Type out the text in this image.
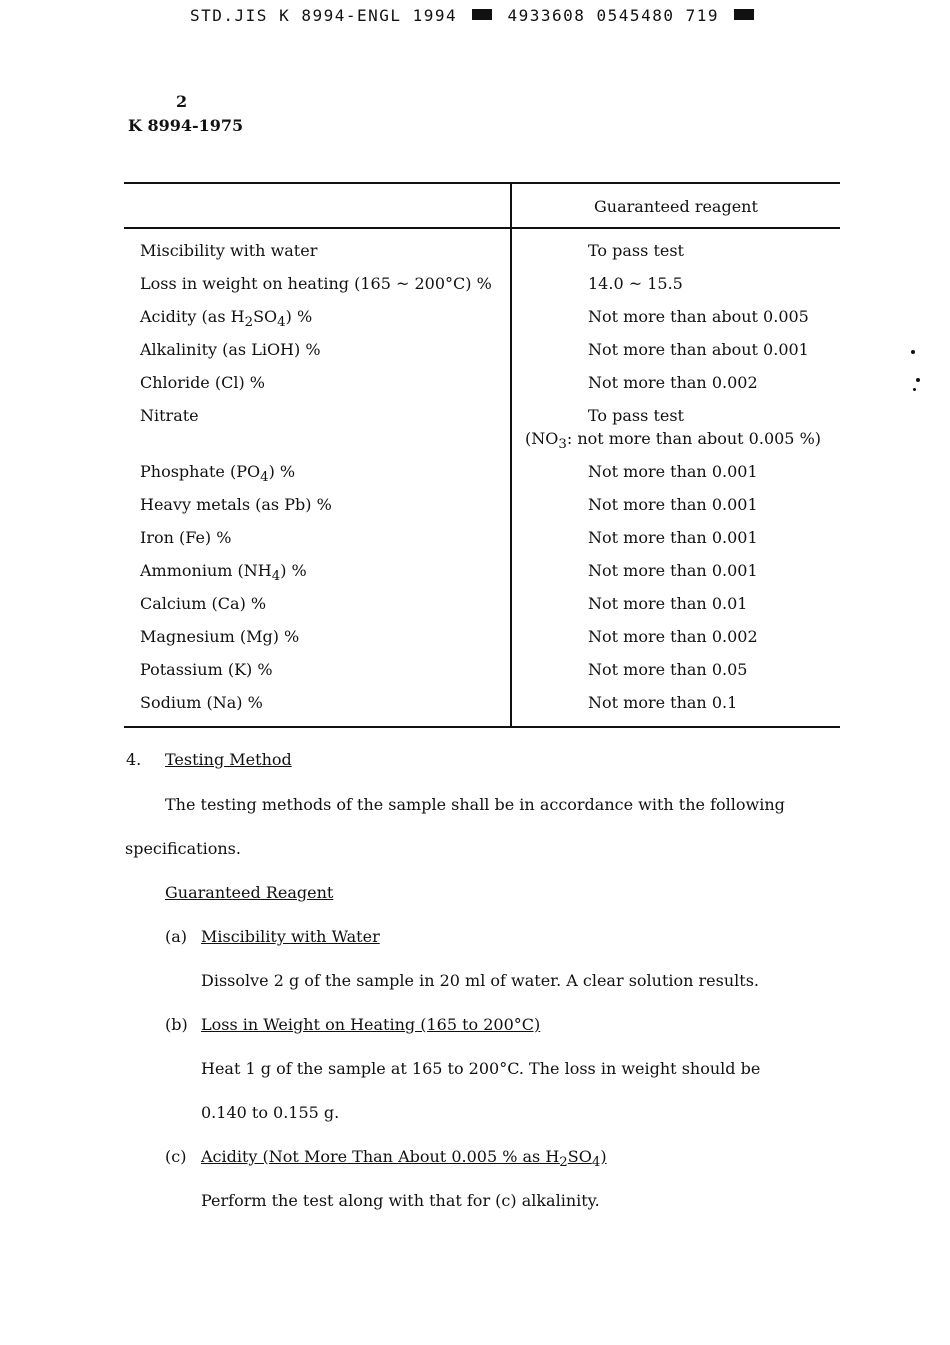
STD.JIS K 8994-ENGL 1994	4933608 0545480 719
2
K 8994-1975
Guaranteed reagent
Miscibility with water	To pass test
Loss in weight on heating (165 ~ 200°C) %	14.0 ~ 15.5
Acidity (as $H_2SO_4$) %	Not more than about 0.005
Alkalinity (as LiOH) %	Not more than about 0.001
Chloride (Cl) %	Not more than 0.002
Nitrate	To pass test
($NO_3$: not more than about 0.005 %)
Phosphate $(PO_4)$ %	Not more than 0.001
Heavy metals (as Pb) %	Not more than 0.001
Iron (Fe) %	Not more than 0.001
Ammonium $(NH_4)$ %	Not more than 0.001
Calcium (Ca) %	Not more than 0.01
Magnesium (Mg) %	Not more than 0.002
Potassium (K) %	Not more than 0.05
Sodium (Na) %	Not more than 0.1
4. Testing Method
The testing methods of the sample shall be in accordance with the following
specifications.
Guaranteed Reagent
(a) Miscibility with Water
Dissolve 2 g of the sample in 20 ml of water. A clear solution results.
(b) Loss in Weight on Heating (165 to 200°C)
Heat 1 g of the sample at 165 to 200°C. The loss in weight should be
0.140 to 0.155 g.
(c) Acidity (Not More Than About 0.005 % as $H_2SO_4$)
Perform the test along with that for (c) alkalinity.
